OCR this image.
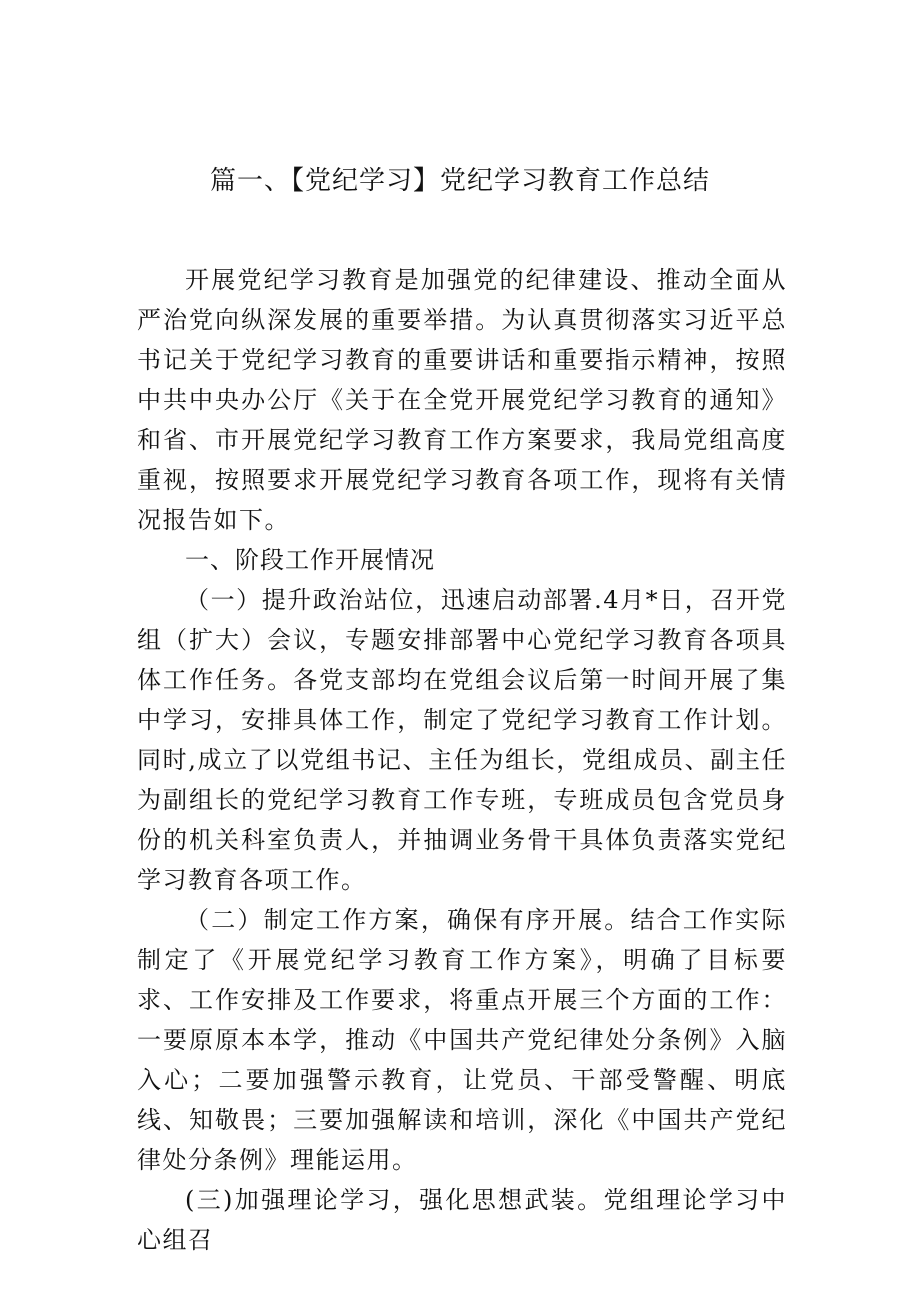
篇一、【党纪学习】党纪学习教育工作总结

开展党纪学习教育是加强党的纪律建设、推动全面从严治党向纵深发展的重要举措。为认真贯彻落实习近平总书记关于党纪学习教育的重要讲话和重要指示精神，按照中共中央办公厅《关于在全党开展党纪学习教育的通知》和省、市开展党纪学习教育工作方案要求，我局党组高度重视，按照要求开展党纪学习教育各项工作，现将有关情况报告如下。

一、阶段工作开展情况

（一）提升政治站位，迅速启动部署.4月*日，召开党组（扩大）会议，专题安排部署中心党纪学习教育各项具体工作任务。各党支部均在党组会议后第一时间开展了集中学习，安排具体工作，制定了党纪学习教育工作计划。同时,成立了以党组书记、主任为组长，党组成员、副主任为副组长的党纪学习教育工作专班，专班成员包含党员身份的机关科室负责人，并抽调业务骨干具体负责落实党纪学习教育各项工作。

（二）制定工作方案，确保有序开展。结合工作实际制定了《开展党纪学习教育工作方案》，明确了目标要求、工作安排及工作要求，将重点开展三个方面的工作：一要原原本本学，推动《中国共产党纪律处分条例》入脑入心；二要加强警示教育，让党员、干部受警醒、明底线、知敬畏；三要加强解读和培训，深化《中国共产党纪律处分条例》理能运用。

(三)加强理论学习，强化思想武装。党组理论学习中心组召
